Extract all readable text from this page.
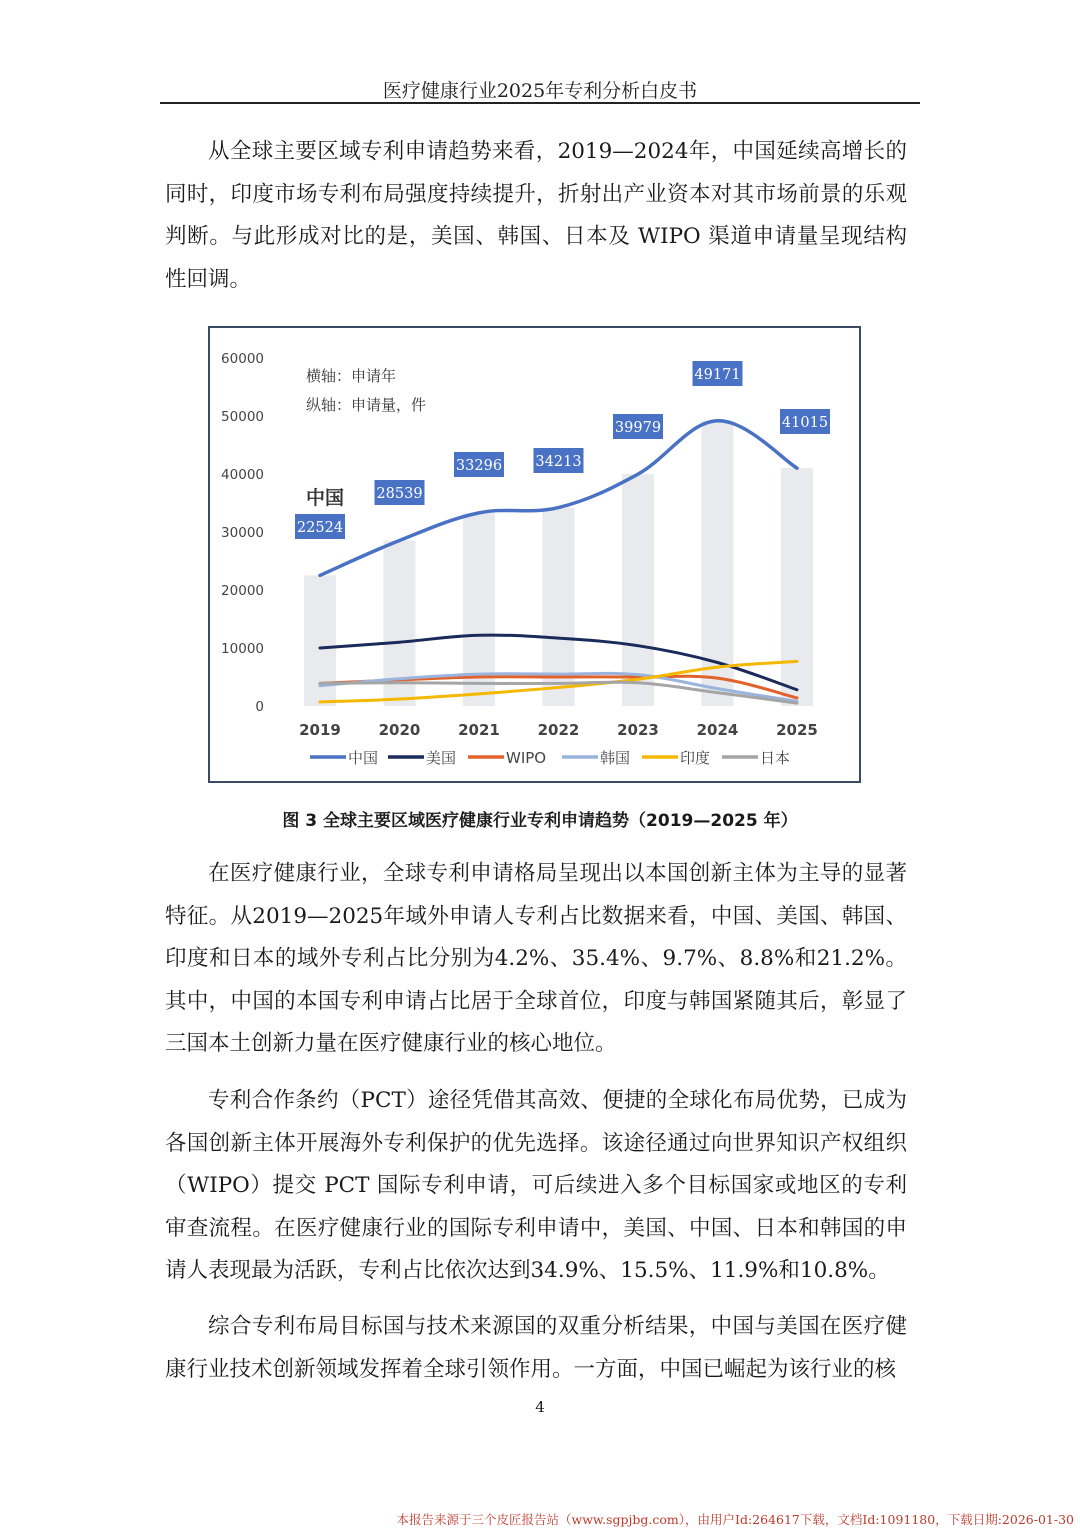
医疗健康行业2025年专利分析白皮书

从全球主要区域专利申请趋势来看，2019—2024年，中国延续高增长的同时，印度市场专利布局强度持续提升，折射出产业资本对其市场前景的乐观判断。与此形成对比的是，美国、韩国、日本及 WIPO 渠道申请量呈现结构性回调。

0
10000
20000
30000
40000
50000
60000
2019	2020	2021	2022	2023	2024	2025
22524
28539
33296 34213
39979
49171
41015
横轴：申请年
纵轴：申请量，件
中国
中国	美国	WIPO	韩国	印度	日本
图 3 全球主要区域医疗健康行业专利申请趋势（2019—2025 年）

在医疗健康行业，全球专利申请格局呈现出以本国创新主体为主导的显著特征。从2019—2025年域外申请人专利占比数据来看，中国、美国、韩国、印度和日本的域外专利占比分别为4.2%、35.4%、9.7%、8.8%和21.2%。其中，中国的本国专利申请占比居于全球首位，印度与韩国紧随其后，彰显了三国本土创新力量在医疗健康行业的核心地位。

专利合作条约（PCT）途径凭借其高效、便捷的全球化布局优势，已成为各国创新主体开展海外专利保护的优先选择。该途径通过向世界知识产权组织（WIPO）提交 PCT 国际专利申请，可后续进入多个目标国家或地区的专利审查流程。在医疗健康行业的国际专利申请中，美国、中国、日本和韩国的申请人表现最为活跃，专利占比依次达到34.9%、15.5%、11.9%和10.8%。

综合专利布局目标国与技术来源国的双重分析结果，中国与美国在医疗健康行业技术创新领域发挥着全球引领作用。一方面，中国已崛起为该行业的核

4
本报告来源于三个皮匠报告站（www.sgpjbg.com），由用户Id:264617下载，文档Id:1091180，下载日期:2026-01-30
